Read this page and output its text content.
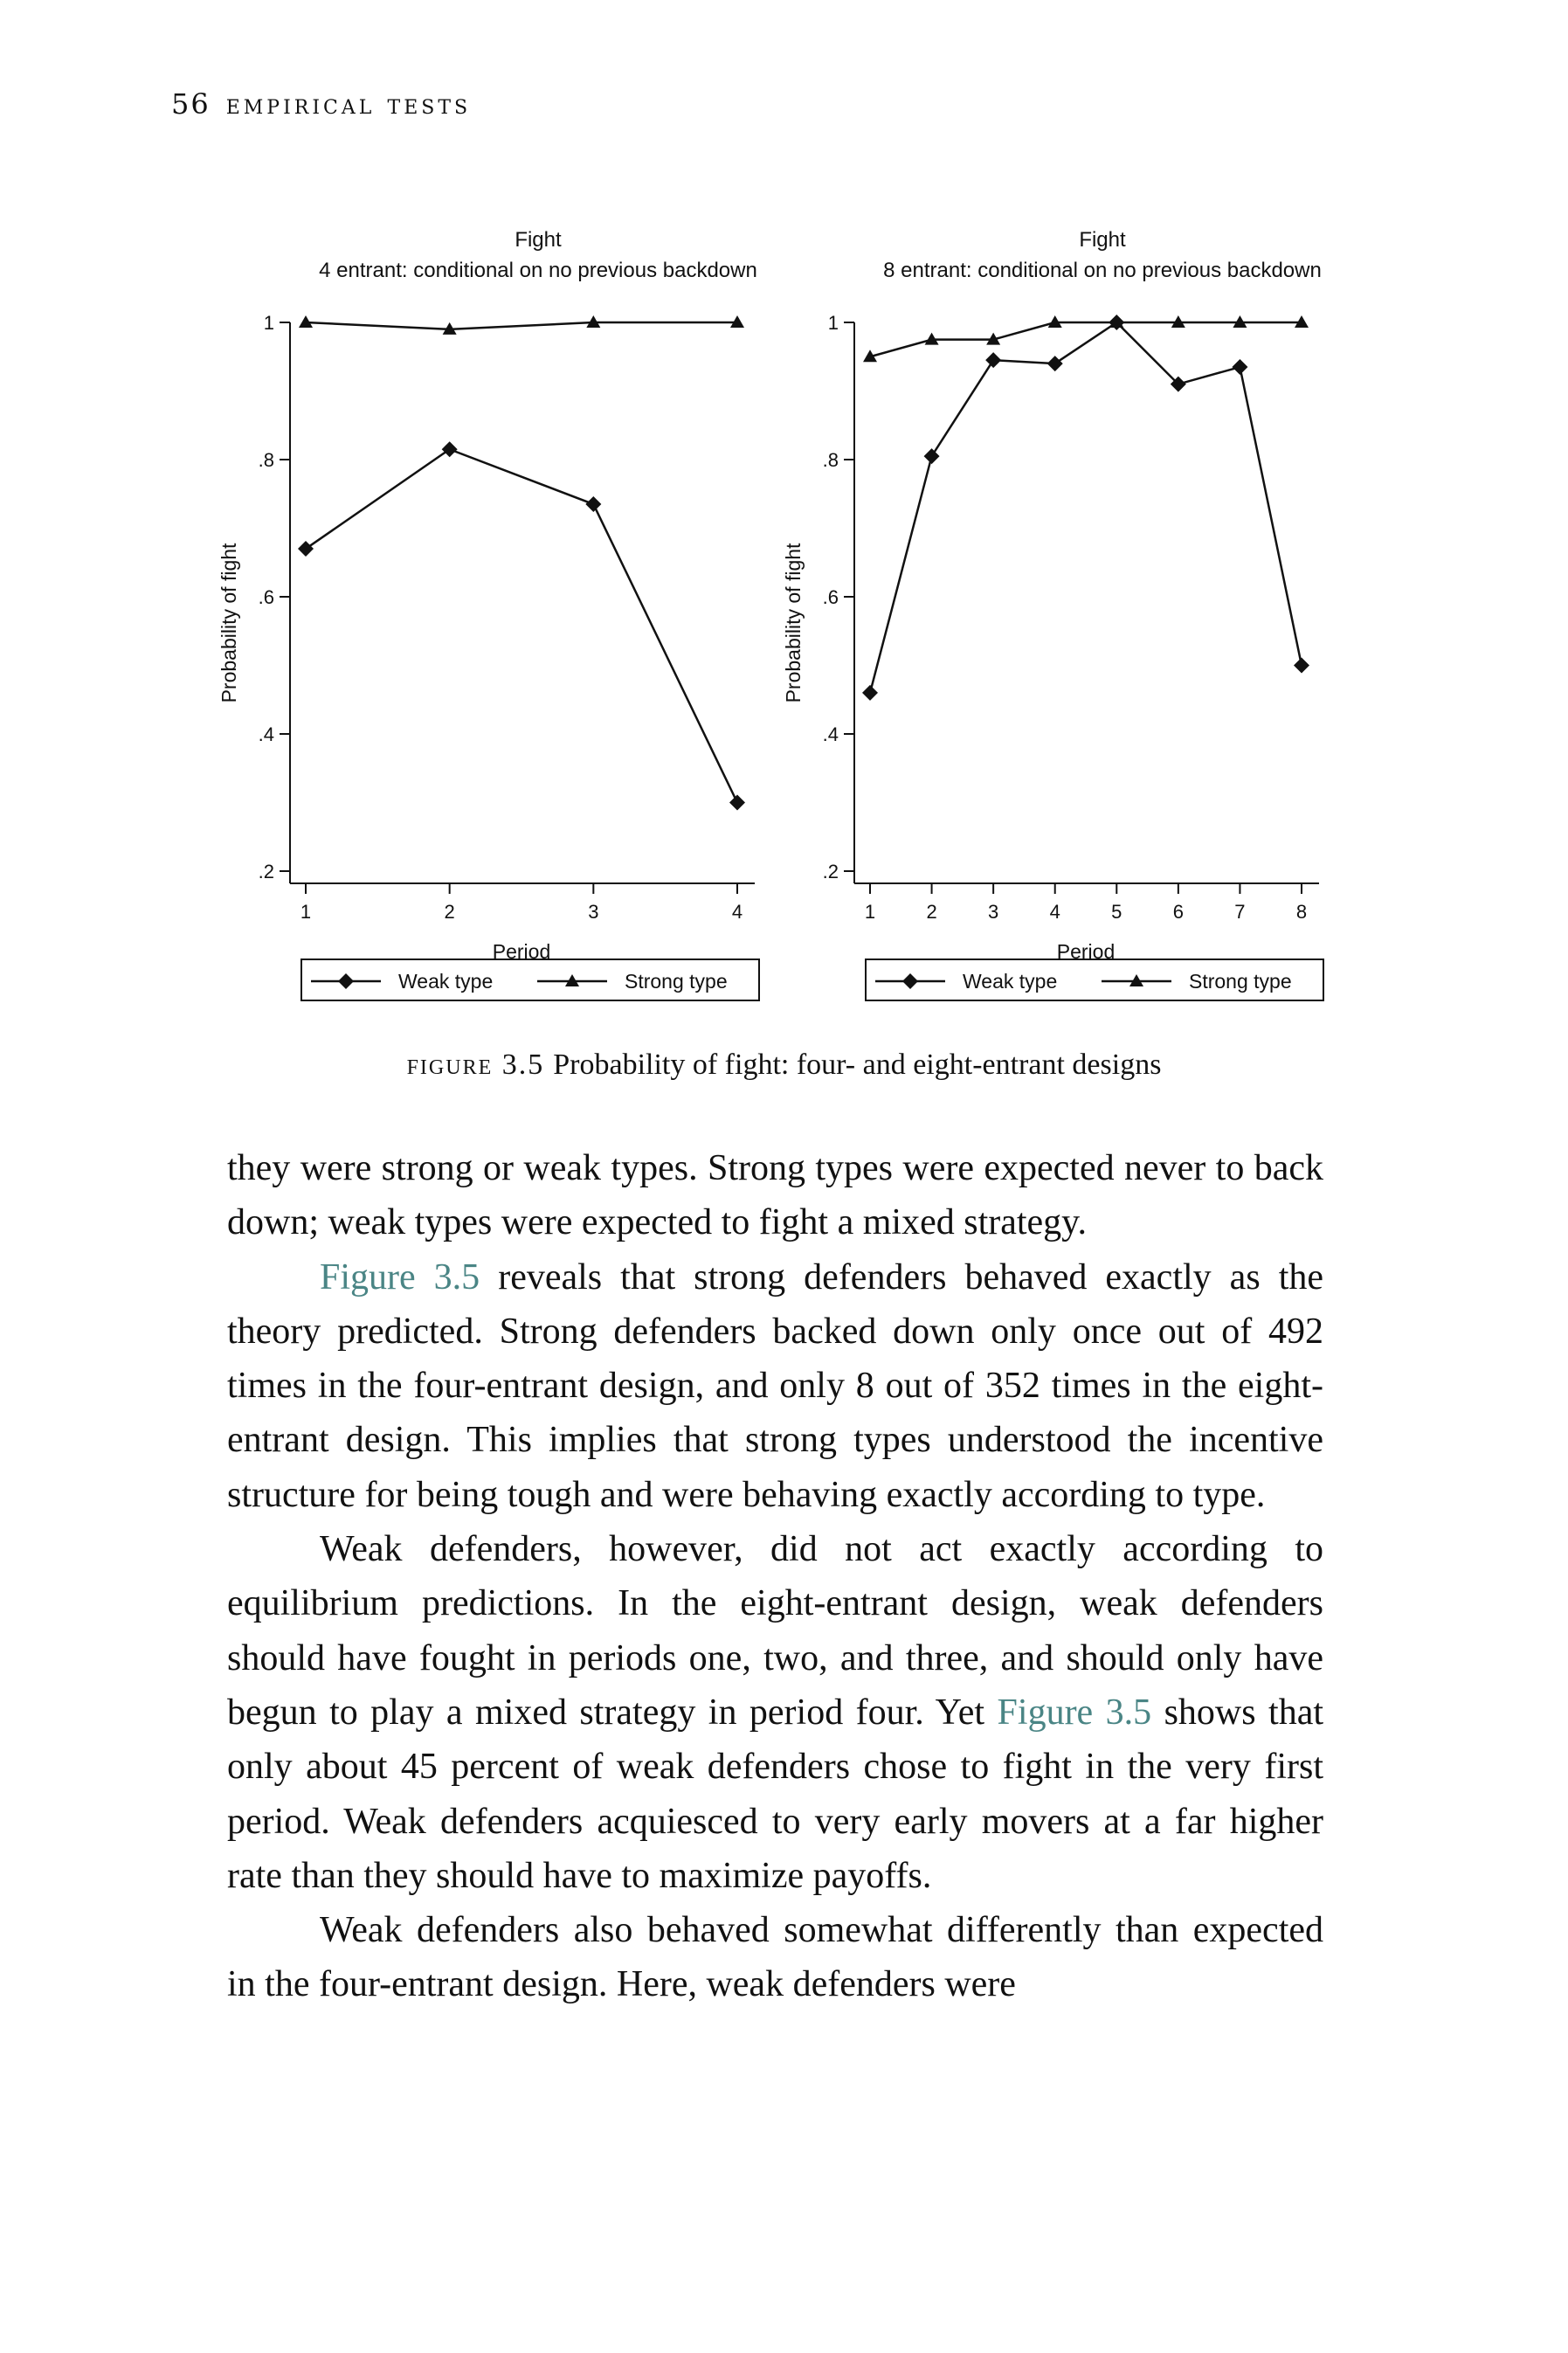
56 empirical tests
Fight
4 entrant: conditional on no previous backdown
1
.8
.6
.4
.2
Probability of fight
1	2	3	4
Period
Weak type	Strong type
Fight
8 entrant: conditional on no previous backdown
1
.8
.6
.4
.2
Probability of fight
1	2	3	4	5	6	7	8
Period
Weak type	Strong type
figure 3.5 Probability of fight: four- and eight-entrant designs

they were strong or weak types. Strong types were expected never to back down; weak types were expected to fight a mixed strategy.

Figure 3.5 reveals that strong defenders behaved exactly as the theory predicted. Strong defenders backed down only once out of 492 times in the four-entrant design, and only 8 out of 352 times in the eight-entrant design. This implies that strong types understood the incentive structure for being tough and were behaving exactly according to type.

Weak defenders, however, did not act exactly according to equilibrium predictions. In the eight-entrant design, weak defenders should have fought in periods one, two, and three, and should only have begun to play a mixed strategy in period four. Yet Figure 3.5 shows that only about 45 percent of weak defenders chose to fight in the very first period. Weak defenders acquiesced to very early movers at a far higher rate than they should have to maximize payoffs.

Weak defenders also behaved somewhat differently than expected in the four-entrant design. Here, weak defenders were
